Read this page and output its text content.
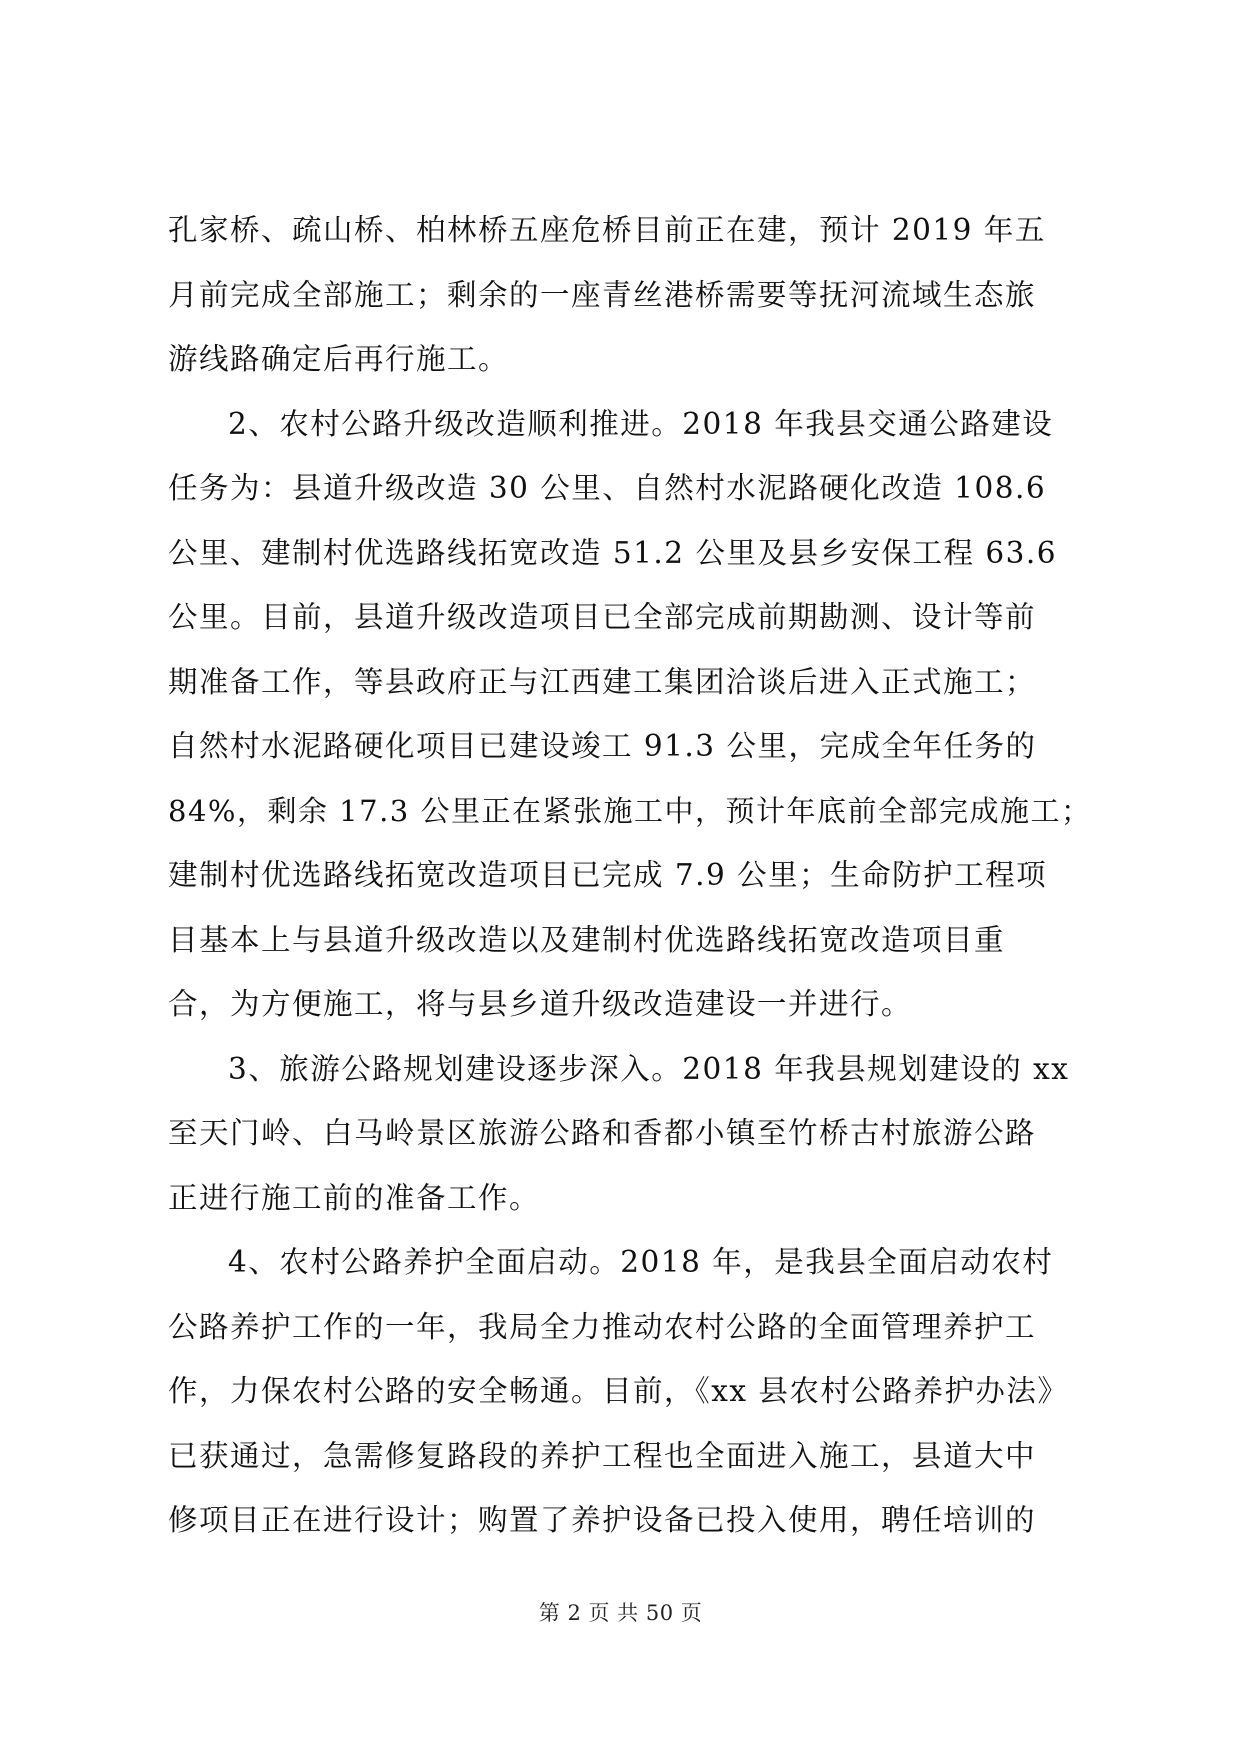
孔家桥、疏山桥、柏林桥五座危桥目前正在建，预计 2019 年五
月前完成全部施工；剩余的一座青丝港桥需要等抚河流域生态旅
游线路确定后再行施工。
2、农村公路升级改造顺利推进。2018 年我县交通公路建设
任务为：县道升级改造 30 公里、自然村水泥路硬化改造 108.6
公里、建制村优选路线拓宽改造 51.2 公里及县乡安保工程 63.6
公里。目前，县道升级改造项目已全部完成前期勘测、设计等前
期准备工作，等县政府正与江西建工集团洽谈后进入正式施工；
自然村水泥路硬化项目已建设竣工 91.3 公里，完成全年任务的
84%，剩余 17.3 公里正在紧张施工中，预计年底前全部完成施工；
建制村优选路线拓宽改造项目已完成 7.9 公里；生命防护工程项
目基本上与县道升级改造以及建制村优选路线拓宽改造项目重
合，为方便施工，将与县乡道升级改造建设一并进行。
3、旅游公路规划建设逐步深入。2018 年我县规划建设的 xx
至天门岭、白马岭景区旅游公路和香都小镇至竹桥古村旅游公路
正进行施工前的准备工作。
4、农村公路养护全面启动。2018 年，是我县全面启动农村
公路养护工作的一年，我局全力推动农村公路的全面管理养护工
作，力保农村公路的安全畅通。目前，《xx 县农村公路养护办法》
已获通过，急需修复路段的养护工程也全面进入施工，县道大中
修项目正在进行设计；购置了养护设备已投入使用，聘任培训的
第 2 页 共 50 页
